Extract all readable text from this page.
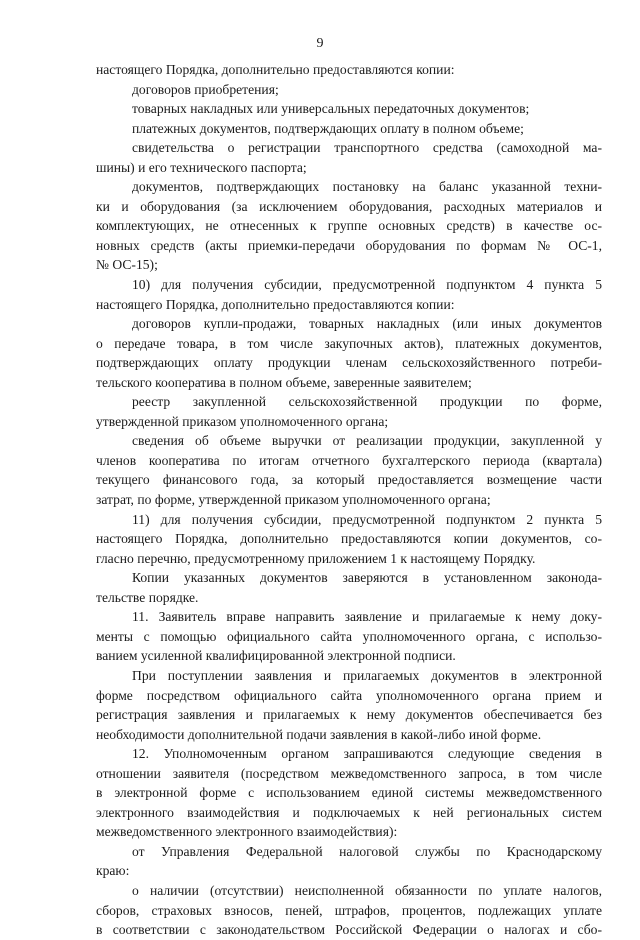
9
настоящего Порядка, дополнительно предоставляются копии:
договоров приобретения;
товарных накладных или универсальных передаточных документов;
платежных документов, подтверждающих оплату в полном объеме;
свидетельства о регистрации транспортного средства (самоходной ма-
шины) и его технического паспорта;
документов, подтверждающих постановку на баланс указанной техни-
ки и оборудования (за исключением оборудования, расходных материалов и
комплектующих, не отнесенных к группе основных средств) в качестве ос-
новных средств (акты приемки-передачи оборудования по формам № ОС-1,
№ ОС-15);
10) для получения субсидии, предусмотренной подпунктом 4 пункта 5
настоящего Порядка, дополнительно предоставляются копии:
договоров купли-продажи, товарных накладных (или иных документов
о передаче товара, в том числе закупочных актов), платежных документов,
подтверждающих оплату продукции членам сельскохозяйственного потреби-
тельского кооператива в полном объеме, заверенные заявителем;
реестр закупленной сельскохозяйственной продукции по форме,
утвержденной приказом уполномоченного органа;
сведения об объеме выручки от реализации продукции, закупленной у
членов кооператива по итогам отчетного бухгалтерского периода (квартала)
текущего финансового года, за который предоставляется возмещение части
затрат, по форме, утвержденной приказом уполномоченного органа;
11) для получения субсидии, предусмотренной подпунктом 2 пункта 5
настоящего Порядка, дополнительно предоставляются копии документов, со-
гласно перечню, предусмотренному приложением 1 к настоящему Порядку.
Копии указанных документов заверяются в установленном законода-
тельстве порядке.
11. Заявитель вправе направить заявление и прилагаемые к нему доку-
менты с помощью официального сайта уполномоченного органа, с использо-
ванием усиленной квалифицированной электронной подписи.
При поступлении заявления и прилагаемых документов в электронной
форме посредством официального сайта уполномоченного органа прием и
регистрация заявления и прилагаемых к нему документов обеспечивается без
необходимости дополнительной подачи заявления в какой-либо иной форме.
12. Уполномоченным органом запрашиваются следующие сведения в
отношении заявителя (посредством межведомственного запроса, в том числе
в электронной форме с использованием единой системы межведомственного
электронного взаимодействия и подключаемых к ней региональных систем
межведомственного электронного взаимодействия):
от Управления Федеральной налоговой службы по Краснодарскому
краю:
о наличии (отсутствии) неисполненной обязанности по уплате налогов,
сборов, страховых взносов, пеней, штрафов, процентов, подлежащих уплате
в соответствии с законодательством Российской Федерации о налогах и сбо-
